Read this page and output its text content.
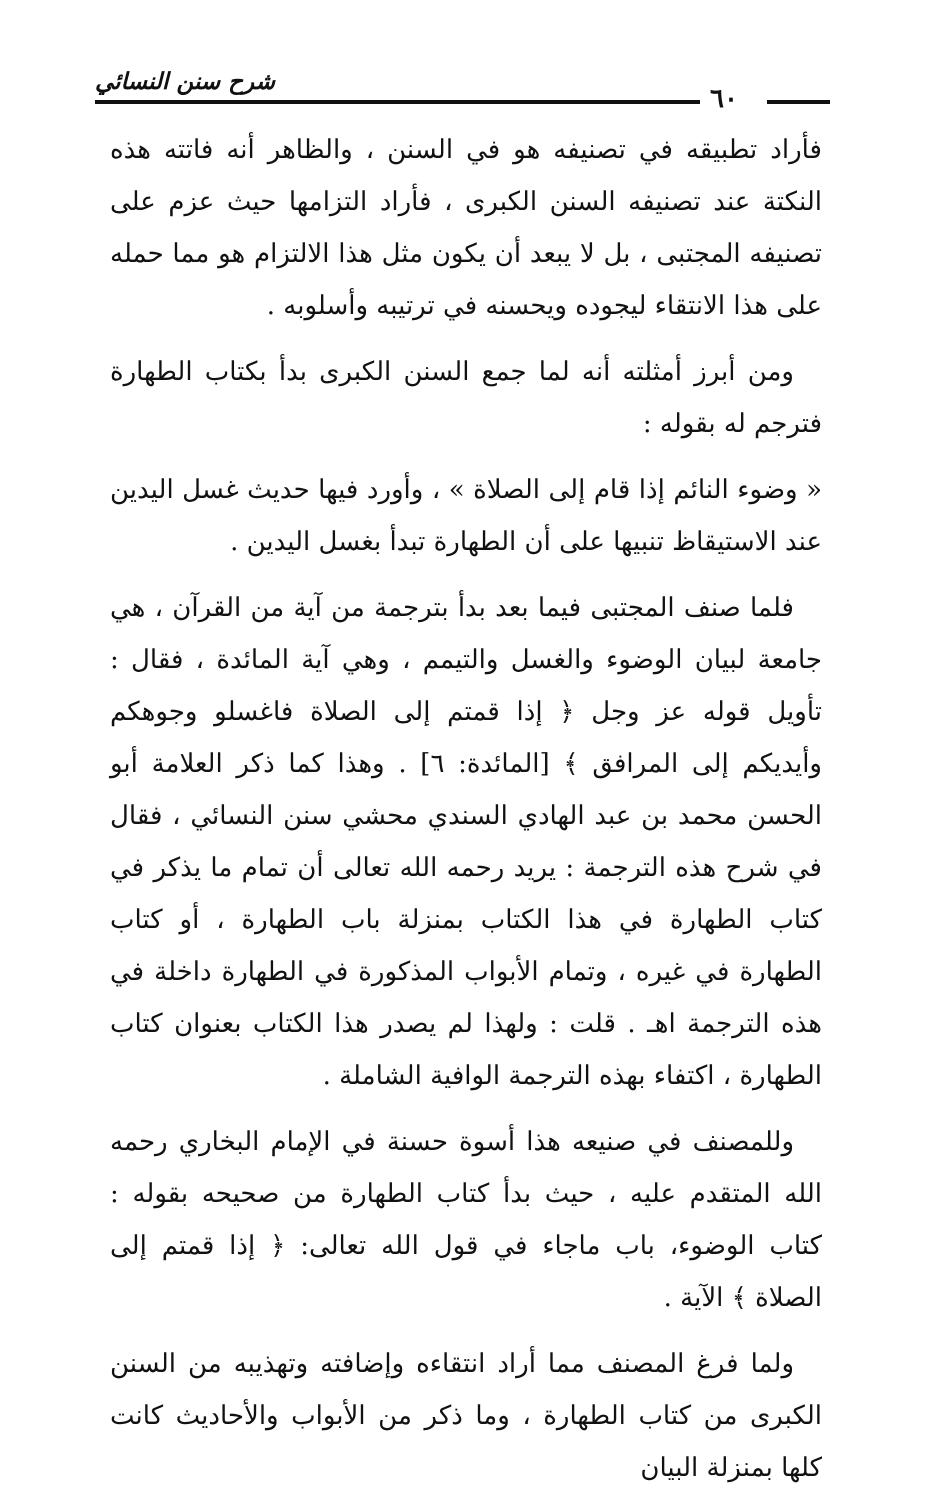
شرح سنن النسائي
٦٠

فأراد تطبيقه في تصنيفه هو في السنن ، والظاهر أنه فاتته هذه النكتة عند تصنيفه السنن الكبرى ، فأراد التزامها حيث عزم على تصنيفه المجتبى ، بل لا يبعد أن يكون مثل هذا الالتزام هو مما حمله على هذا الانتقاء ليجوده ويحسنه في ترتيبه وأسلوبه .

ومن أبرز أمثلته أنه لما جمع السنن الكبرى بدأ بكتاب الطهارة فترجم له بقوله :

« وضوء النائم إذا قام إلى الصلاة » ، وأورد فيها حديث غسل اليدين عند الاستيقاظ تنبيها على أن الطهارة تبدأ بغسل اليدين .

فلما صنف المجتبى فيما بعد بدأ بترجمة من آية من القرآن ، هي جامعة لبيان الوضوء والغسل والتيمم ، وهي آية المائدة ، فقال : تأويل قوله عز وجل ﴿ إذا قمتم إلى الصلاة فاغسلو وجوهكم وأيديكم إلى المرافق ﴾ [المائدة: ٦] . وهذا كما ذكر العلامة أبو الحسن محمد بن عبد الهادي السندي محشي سنن النسائي ، فقال في شرح هذه الترجمة : يريد رحمه الله تعالى أن تمام ما يذكر في كتاب الطهارة في هذا الكتاب بمنزلة باب الطهارة ، أو كتاب الطهارة في غيره ، وتمام الأبواب المذكورة في الطهارة داخلة في هذه الترجمة اهـ . قلت : ولهذا لم يصدر هذا الكتاب بعنوان كتاب الطهارة ، اكتفاء بهذه الترجمة الوافية الشاملة .

وللمصنف في صنيعه هذا أسوة حسنة في الإمام البخاري رحمه الله المتقدم عليه ، حيث بدأ كتاب الطهارة من صحيحه بقوله : كتاب الوضوء، باب ماجاء في قول الله تعالى: ﴿ إذا قمتم إلى الصلاة ﴾ الآية .

ولما فرغ المصنف مما أراد انتقاءه وإضافته وتهذيبه من السنن الكبرى من كتاب الطهارة ، وما ذكر من الأبواب والأحاديث كانت كلها بمنزلة البيان
